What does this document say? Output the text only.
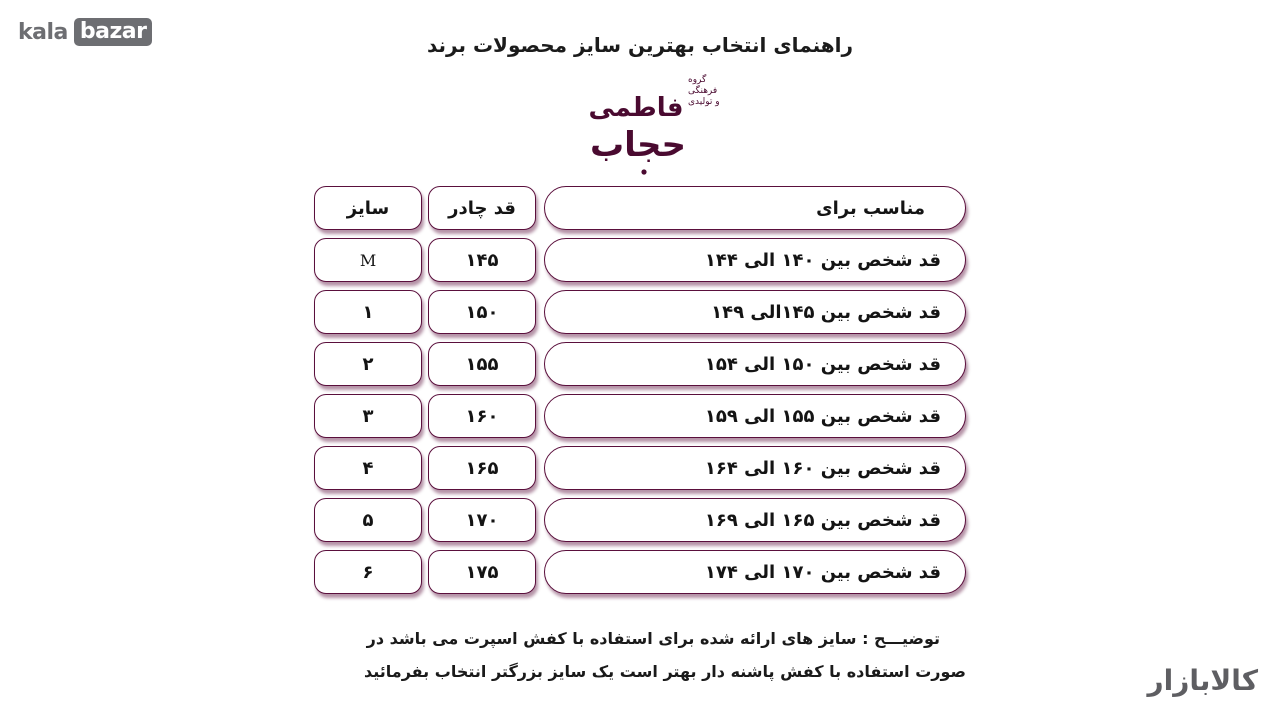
kala bazar
کالابازار
راهنمای انتخاب بهترین سایز محصولات برند
گروه
فرهنگی
و تولیدی
فاطمی
حجاب
سایز	قد چادر	مناسب برای
M	۱۴۵	قد شخص بین ۱۴۰ الی ۱۴۴
۱	۱۵۰	قد شخص بین ۱۴۵الی ۱۴۹
۲	۱۵۵	قد شخص بین ۱۵۰ الی ۱۵۴
۳	۱۶۰	قد شخص بین ۱۵۵ الی ۱۵۹
۴	۱۶۵	قد شخص بین ۱۶۰ الی ۱۶۴
۵	۱۷۰	قد شخص بین ۱۶۵ الی ۱۶۹
۶	۱۷۵	قد شخص بین ۱۷۰ الی ۱۷۴
توضیـــح : سایز های ارائه شده برای استفاده با کفش اسپرت می باشد در
صورت استفاده با کفش پاشنه دار بهتر است یک سایز بزرگتر انتخاب بفرمائید
